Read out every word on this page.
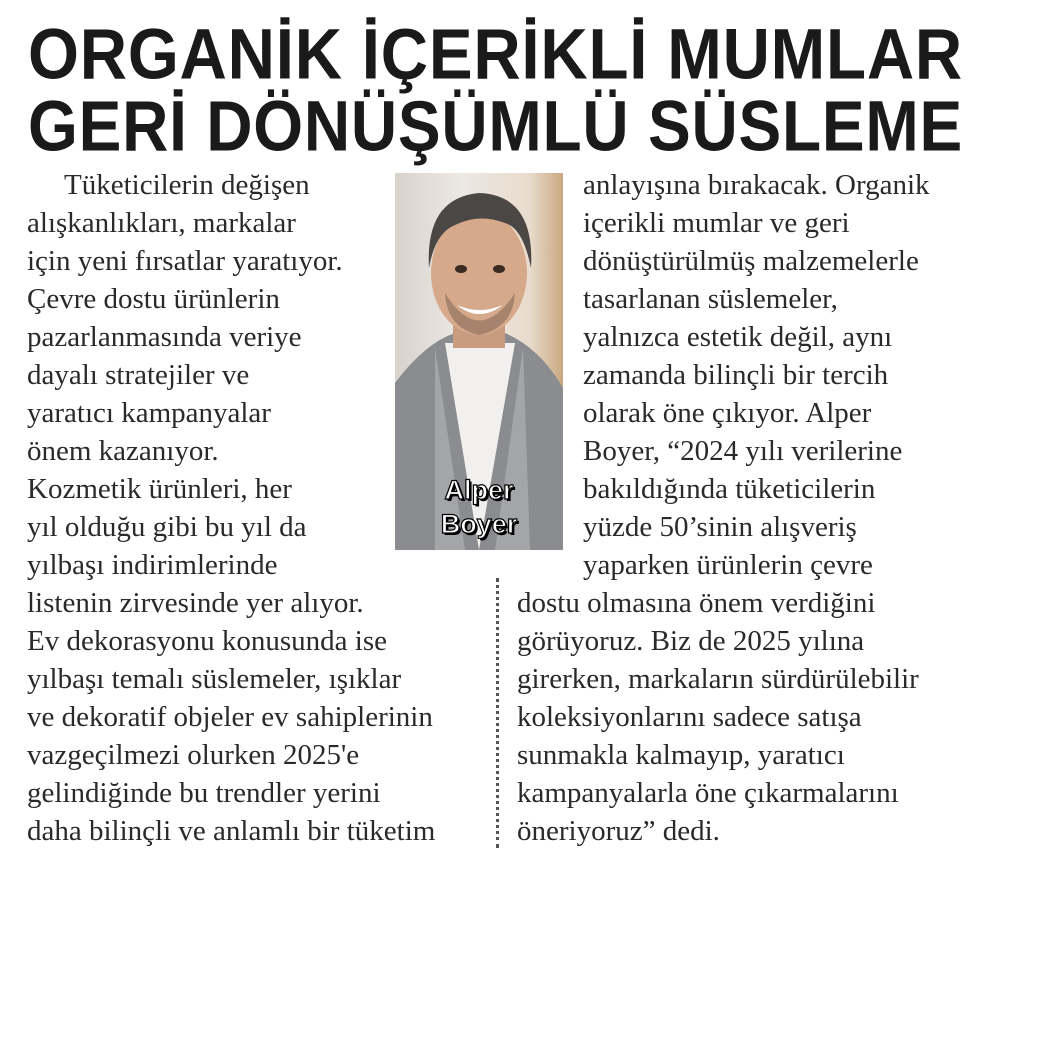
ORGANİK İÇERİKLİ MUMLAR
GERİ DÖNÜŞÜMLÜ SÜSLEME
Tüketicilerin değişen
alışkanlıkları, markalar
için yeni fırsatlar yaratıyor.
Çevre dostu ürünlerin
pazarlanmasında veriye
dayalı stratejiler ve
yaratıcı kampanyalar
önem kazanıyor.
Kozmetik ürünleri, her
yıl olduğu gibi bu yıl da
yılbaşı indirimlerinde
listenin zirvesinde yer alıyor.
Ev dekorasyonu konusunda ise
yılbaşı temalı süslemeler, ışıklar
ve dekoratif objeler ev sahiplerinin
vazgeçilmezi olurken 2025'e
gelindiğinde bu trendler yerini
daha bilinçli ve anlamlı bir tüketim
anlayışına bırakacak. Organik
içerikli mumlar ve geri
dönüştürülmüş malzemelerle
tasarlanan süslemeler,
yalnızca estetik değil, aynı
zamanda bilinçli bir tercih
olarak öne çıkıyor. Alper
Boyer, “2024 yılı verilerine
bakıldığında tüketicilerin
yüzde 50’sinin alışveriş
yaparken ürünlerin çevre
dostu olmasına önem verdiğini
görüyoruz. Biz de 2025 yılına
girerken, markaların sürdürülebilir
koleksiyonlarını sadece satışa
sunmakla kalmayıp, yaratıcı
kampanyalarla öne çıkarmalarını
öneriyoruz” dedi.
Alper
Boyer
